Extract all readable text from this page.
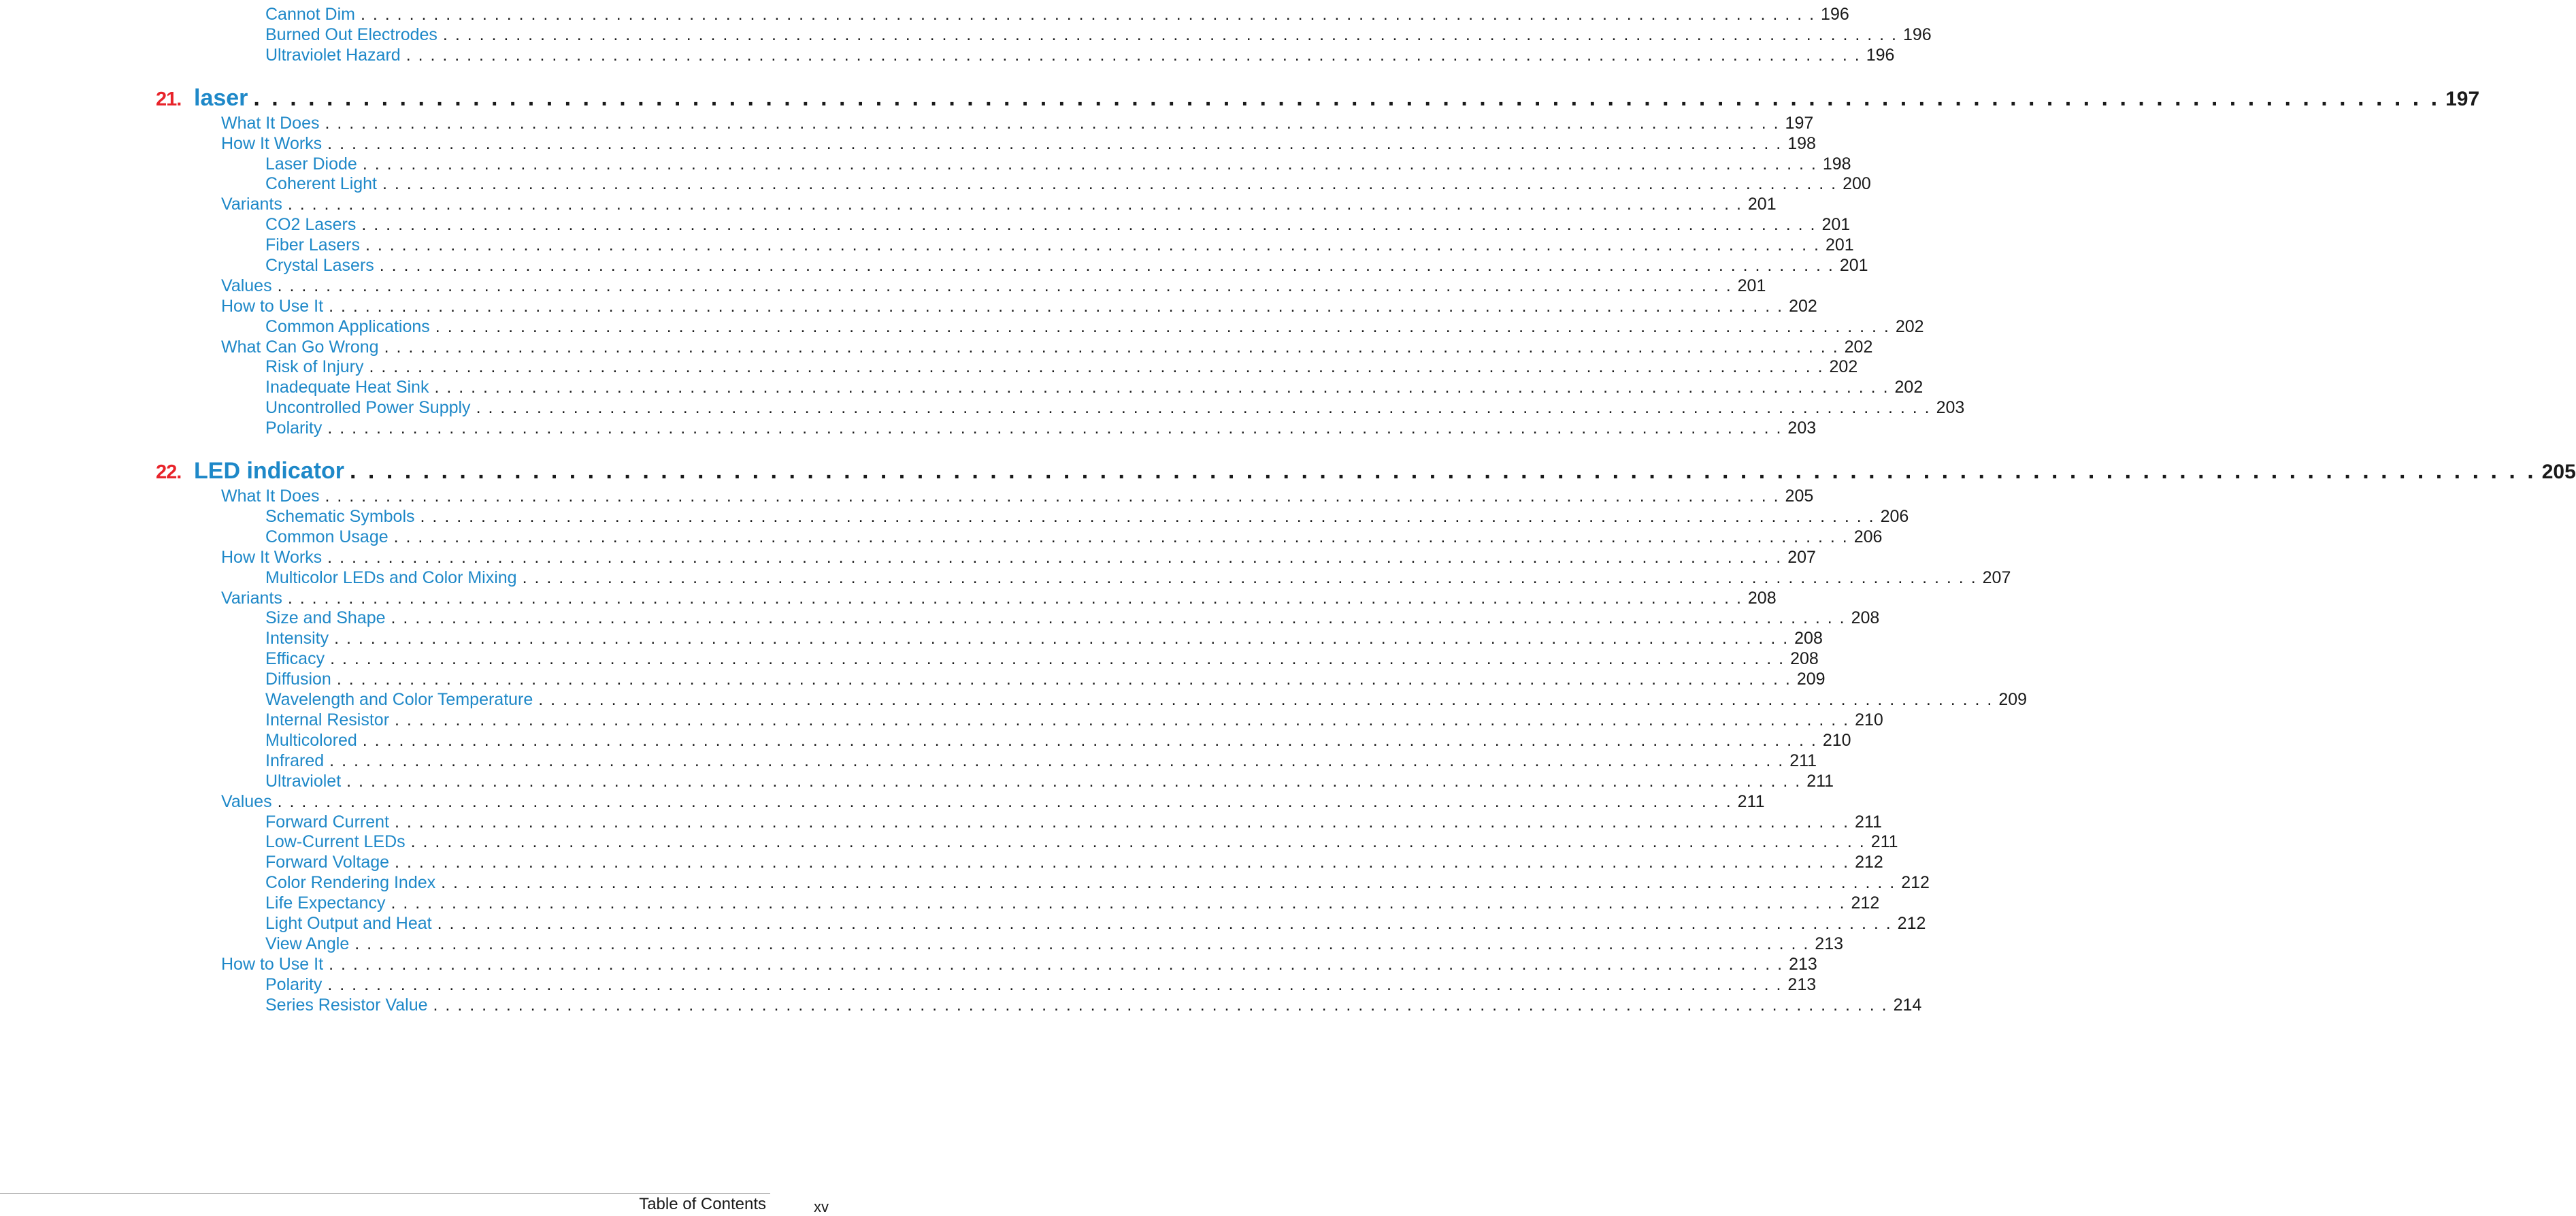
Cannot Dim . . . . . . . . . . . . . . . . . . . . . . . . . . . . . . . . . . . . . . . . . . . . . . . . . . . . . . . . . . . . . . . . . . . . . . . . . . . . . . . . . . . . . . . . . . . . . . . . . . . . . . . . . . . . . . . . . . . . . . . . 196
Burned Out Electrodes . . . . . . . . . . . . . . . . . . . . . . . . . . . . . . . . . . . . . . . . . . . . . . . . . . . . . . . . . . . . . . . . . . . . . . . . . . . . . . . . . . . . . . . . . . . . . . . . . . . . . . . . . . . . . . . . . . . . . . . . 196
Ultraviolet Hazard . . . . . . . . . . . . . . . . . . . . . . . . . . . . . . . . . . . . . . . . . . . . . . . . . . . . . . . . . . . . . . . . . . . . . . . . . . . . . . . . . . . . . . . . . . . . . . . . . . . . . . . . . . . . . . . . . . . . . . . . 196
21. laser . . . . . . . . . . . . . . . . . . . . . . . . . . . . . . . . . . . . . . . . . . . . . . . . . . . . . . . . . . . . . . . . . . . . . . . . . . . . . . . . . . . . . . . . . . . . . . . . . . . . . . . . . . . . . . . . . . . . . . . . 197
What It Does . . . . . . . . . . . . . . . . . . . . . . . . . . . . . . . . . . . . . . . . . . . . . . . . . . . . . . . . . . . . . . . . . . . . . . . . . . . . . . . . . . . . . . . . . . . . . . . . . . . . . . . . . . . . . . . . . . . . . . . . 197
How It Works . . . . . . . . . . . . . . . . . . . . . . . . . . . . . . . . . . . . . . . . . . . . . . . . . . . . . . . . . . . . . . . . . . . . . . . . . . . . . . . . . . . . . . . . . . . . . . . . . . . . . . . . . . . . . . . . . . . . . . . . 198
Laser Diode . . . . . . . . . . . . . . . . . . . . . . . . . . . . . . . . . . . . . . . . . . . . . . . . . . . . . . . . . . . . . . . . . . . . . . . . . . . . . . . . . . . . . . . . . . . . . . . . . . . . . . . . . . . . . . . . . . . . . . . . 198
Coherent Light . . . . . . . . . . . . . . . . . . . . . . . . . . . . . . . . . . . . . . . . . . . . . . . . . . . . . . . . . . . . . . . . . . . . . . . . . . . . . . . . . . . . . . . . . . . . . . . . . . . . . . . . . . . . . . . . . . . . . . . . 200
Variants . . . . . . . . . . . . . . . . . . . . . . . . . . . . . . . . . . . . . . . . . . . . . . . . . . . . . . . . . . . . . . . . . . . . . . . . . . . . . . . . . . . . . . . . . . . . . . . . . . . . . . . . . . . . . . . . . . . . . . . . 201
CO2 Lasers . . . . . . . . . . . . . . . . . . . . . . . . . . . . . . . . . . . . . . . . . . . . . . . . . . . . . . . . . . . . . . . . . . . . . . . . . . . . . . . . . . . . . . . . . . . . . . . . . . . . . . . . . . . . . . . . . . . . . . . . 201
Fiber Lasers . . . . . . . . . . . . . . . . . . . . . . . . . . . . . . . . . . . . . . . . . . . . . . . . . . . . . . . . . . . . . . . . . . . . . . . . . . . . . . . . . . . . . . . . . . . . . . . . . . . . . . . . . . . . . . . . . . . . . . . . 201
Crystal Lasers . . . . . . . . . . . . . . . . . . . . . . . . . . . . . . . . . . . . . . . . . . . . . . . . . . . . . . . . . . . . . . . . . . . . . . . . . . . . . . . . . . . . . . . . . . . . . . . . . . . . . . . . . . . . . . . . . . . . . . . . 201
Values . . . . . . . . . . . . . . . . . . . . . . . . . . . . . . . . . . . . . . . . . . . . . . . . . . . . . . . . . . . . . . . . . . . . . . . . . . . . . . . . . . . . . . . . . . . . . . . . . . . . . . . . . . . . . . . . . . . . . . . . 201
How to Use It . . . . . . . . . . . . . . . . . . . . . . . . . . . . . . . . . . . . . . . . . . . . . . . . . . . . . . . . . . . . . . . . . . . . . . . . . . . . . . . . . . . . . . . . . . . . . . . . . . . . . . . . . . . . . . . . . . . . . . . . 202
Common Applications . . . . . . . . . . . . . . . . . . . . . . . . . . . . . . . . . . . . . . . . . . . . . . . . . . . . . . . . . . . . . . . . . . . . . . . . . . . . . . . . . . . . . . . . . . . . . . . . . . . . . . . . . . . . . . . . . . . . . . . . 202
What Can Go Wrong . . . . . . . . . . . . . . . . . . . . . . . . . . . . . . . . . . . . . . . . . . . . . . . . . . . . . . . . . . . . . . . . . . . . . . . . . . . . . . . . . . . . . . . . . . . . . . . . . . . . . . . . . . . . . . . . . . . . . . . . 202
Risk of Injury . . . . . . . . . . . . . . . . . . . . . . . . . . . . . . . . . . . . . . . . . . . . . . . . . . . . . . . . . . . . . . . . . . . . . . . . . . . . . . . . . . . . . . . . . . . . . . . . . . . . . . . . . . . . . . . . . . . . . . . . 202
Inadequate Heat Sink . . . . . . . . . . . . . . . . . . . . . . . . . . . . . . . . . . . . . . . . . . . . . . . . . . . . . . . . . . . . . . . . . . . . . . . . . . . . . . . . . . . . . . . . . . . . . . . . . . . . . . . . . . . . . . . . . . . . . . . . 202
Uncontrolled Power Supply . . . . . . . . . . . . . . . . . . . . . . . . . . . . . . . . . . . . . . . . . . . . . . . . . . . . . . . . . . . . . . . . . . . . . . . . . . . . . . . . . . . . . . . . . . . . . . . . . . . . . . . . . . . . . . . . . . . . . . . . 203
Polarity . . . . . . . . . . . . . . . . . . . . . . . . . . . . . . . . . . . . . . . . . . . . . . . . . . . . . . . . . . . . . . . . . . . . . . . . . . . . . . . . . . . . . . . . . . . . . . . . . . . . . . . . . . . . . . . . . . . . . . . . 203
22. LED indicator . . . . . . . . . . . . . . . . . . . . . . . . . . . . . . . . . . . . . . . . . . . . . . . . . . . . . . . . . . . . . . . . . . . . . . . . . . . . . . . . . . . . . . . . . . . . . . . . . . . . . . . . . . . . . . . . . . . . . . . . 205
What It Does . . . . . . . . . . . . . . . . . . . . . . . . . . . . . . . . . . . . . . . . . . . . . . . . . . . . . . . . . . . . . . . . . . . . . . . . . . . . . . . . . . . . . . . . . . . . . . . . . . . . . . . . . . . . . . . . . . . . . . . . 205
Schematic Symbols . . . . . . . . . . . . . . . . . . . . . . . . . . . . . . . . . . . . . . . . . . . . . . . . . . . . . . . . . . . . . . . . . . . . . . . . . . . . . . . . . . . . . . . . . . . . . . . . . . . . . . . . . . . . . . . . . . . . . . . . 206
Common Usage . . . . . . . . . . . . . . . . . . . . . . . . . . . . . . . . . . . . . . . . . . . . . . . . . . . . . . . . . . . . . . . . . . . . . . . . . . . . . . . . . . . . . . . . . . . . . . . . . . . . . . . . . . . . . . . . . . . . . . . . 206
How It Works . . . . . . . . . . . . . . . . . . . . . . . . . . . . . . . . . . . . . . . . . . . . . . . . . . . . . . . . . . . . . . . . . . . . . . . . . . . . . . . . . . . . . . . . . . . . . . . . . . . . . . . . . . . . . . . . . . . . . . . . 207
Multicolor LEDs and Color Mixing . . . . . . . . . . . . . . . . . . . . . . . . . . . . . . . . . . . . . . . . . . . . . . . . . . . . . . . . . . . . . . . . . . . . . . . . . . . . . . . . . . . . . . . . . . . . . . . . . . . . . . . . . . . . . . . . . . . . . . . . 207
Variants . . . . . . . . . . . . . . . . . . . . . . . . . . . . . . . . . . . . . . . . . . . . . . . . . . . . . . . . . . . . . . . . . . . . . . . . . . . . . . . . . . . . . . . . . . . . . . . . . . . . . . . . . . . . . . . . . . . . . . . . 208
Size and Shape . . . . . . . . . . . . . . . . . . . . . . . . . . . . . . . . . . . . . . . . . . . . . . . . . . . . . . . . . . . . . . . . . . . . . . . . . . . . . . . . . . . . . . . . . . . . . . . . . . . . . . . . . . . . . . . . . . . . . . . . 208
Intensity . . . . . . . . . . . . . . . . . . . . . . . . . . . . . . . . . . . . . . . . . . . . . . . . . . . . . . . . . . . . . . . . . . . . . . . . . . . . . . . . . . . . . . . . . . . . . . . . . . . . . . . . . . . . . . . . . . . . . . . . 208
Efficacy . . . . . . . . . . . . . . . . . . . . . . . . . . . . . . . . . . . . . . . . . . . . . . . . . . . . . . . . . . . . . . . . . . . . . . . . . . . . . . . . . . . . . . . . . . . . . . . . . . . . . . . . . . . . . . . . . . . . . . . . 208
Diffusion . . . . . . . . . . . . . . . . . . . . . . . . . . . . . . . . . . . . . . . . . . . . . . . . . . . . . . . . . . . . . . . . . . . . . . . . . . . . . . . . . . . . . . . . . . . . . . . . . . . . . . . . . . . . . . . . . . . . . . . . 209
Wavelength and Color Temperature . . . . . . . . . . . . . . . . . . . . . . . . . . . . . . . . . . . . . . . . . . . . . . . . . . . . . . . . . . . . . . . . . . . . . . . . . . . . . . . . . . . . . . . . . . . . . . . . . . . . . . . . . . . . . . . . . . . . . . . . 209
Internal Resistor . . . . . . . . . . . . . . . . . . . . . . . . . . . . . . . . . . . . . . . . . . . . . . . . . . . . . . . . . . . . . . . . . . . . . . . . . . . . . . . . . . . . . . . . . . . . . . . . . . . . . . . . . . . . . . . . . . . . . . . . 210
Multicolored . . . . . . . . . . . . . . . . . . . . . . . . . . . . . . . . . . . . . . . . . . . . . . . . . . . . . . . . . . . . . . . . . . . . . . . . . . . . . . . . . . . . . . . . . . . . . . . . . . . . . . . . . . . . . . . . . . . . . . . . 210
Infrared . . . . . . . . . . . . . . . . . . . . . . . . . . . . . . . . . . . . . . . . . . . . . . . . . . . . . . . . . . . . . . . . . . . . . . . . . . . . . . . . . . . . . . . . . . . . . . . . . . . . . . . . . . . . . . . . . . . . . . . . 211
Ultraviolet . . . . . . . . . . . . . . . . . . . . . . . . . . . . . . . . . . . . . . . . . . . . . . . . . . . . . . . . . . . . . . . . . . . . . . . . . . . . . . . . . . . . . . . . . . . . . . . . . . . . . . . . . . . . . . . . . . . . . . . . 211
Values . . . . . . . . . . . . . . . . . . . . . . . . . . . . . . . . . . . . . . . . . . . . . . . . . . . . . . . . . . . . . . . . . . . . . . . . . . . . . . . . . . . . . . . . . . . . . . . . . . . . . . . . . . . . . . . . . . . . . . . . 211
Forward Current . . . . . . . . . . . . . . . . . . . . . . . . . . . . . . . . . . . . . . . . . . . . . . . . . . . . . . . . . . . . . . . . . . . . . . . . . . . . . . . . . . . . . . . . . . . . . . . . . . . . . . . . . . . . . . . . . . . . . . . . 211
Low-Current LEDs . . . . . . . . . . . . . . . . . . . . . . . . . . . . . . . . . . . . . . . . . . . . . . . . . . . . . . . . . . . . . . . . . . . . . . . . . . . . . . . . . . . . . . . . . . . . . . . . . . . . . . . . . . . . . . . . . . . . . . . . 211
Forward Voltage . . . . . . . . . . . . . . . . . . . . . . . . . . . . . . . . . . . . . . . . . . . . . . . . . . . . . . . . . . . . . . . . . . . . . . . . . . . . . . . . . . . . . . . . . . . . . . . . . . . . . . . . . . . . . . . . . . . . . . . . 212
Color Rendering Index . . . . . . . . . . . . . . . . . . . . . . . . . . . . . . . . . . . . . . . . . . . . . . . . . . . . . . . . . . . . . . . . . . . . . . . . . . . . . . . . . . . . . . . . . . . . . . . . . . . . . . . . . . . . . . . . . . . . . . . . 212
Life Expectancy . . . . . . . . . . . . . . . . . . . . . . . . . . . . . . . . . . . . . . . . . . . . . . . . . . . . . . . . . . . . . . . . . . . . . . . . . . . . . . . . . . . . . . . . . . . . . . . . . . . . . . . . . . . . . . . . . . . . . . . . 212
Light Output and Heat . . . . . . . . . . . . . . . . . . . . . . . . . . . . . . . . . . . . . . . . . . . . . . . . . . . . . . . . . . . . . . . . . . . . . . . . . . . . . . . . . . . . . . . . . . . . . . . . . . . . . . . . . . . . . . . . . . . . . . . . 212
View Angle . . . . . . . . . . . . . . . . . . . . . . . . . . . . . . . . . . . . . . . . . . . . . . . . . . . . . . . . . . . . . . . . . . . . . . . . . . . . . . . . . . . . . . . . . . . . . . . . . . . . . . . . . . . . . . . . . . . . . . . . 213
How to Use It . . . . . . . . . . . . . . . . . . . . . . . . . . . . . . . . . . . . . . . . . . . . . . . . . . . . . . . . . . . . . . . . . . . . . . . . . . . . . . . . . . . . . . . . . . . . . . . . . . . . . . . . . . . . . . . . . . . . . . . . 213
Polarity . . . . . . . . . . . . . . . . . . . . . . . . . . . . . . . . . . . . . . . . . . . . . . . . . . . . . . . . . . . . . . . . . . . . . . . . . . . . . . . . . . . . . . . . . . . . . . . . . . . . . . . . . . . . . . . . . . . . . . . . 213
Series Resistor Value . . . . . . . . . . . . . . . . . . . . . . . . . . . . . . . . . . . . . . . . . . . . . . . . . . . . . . . . . . . . . . . . . . . . . . . . . . . . . . . . . . . . . . . . . . . . . . . . . . . . . . . . . . . . . . . . . . . . . . . . 214
Table of Contents	xv
